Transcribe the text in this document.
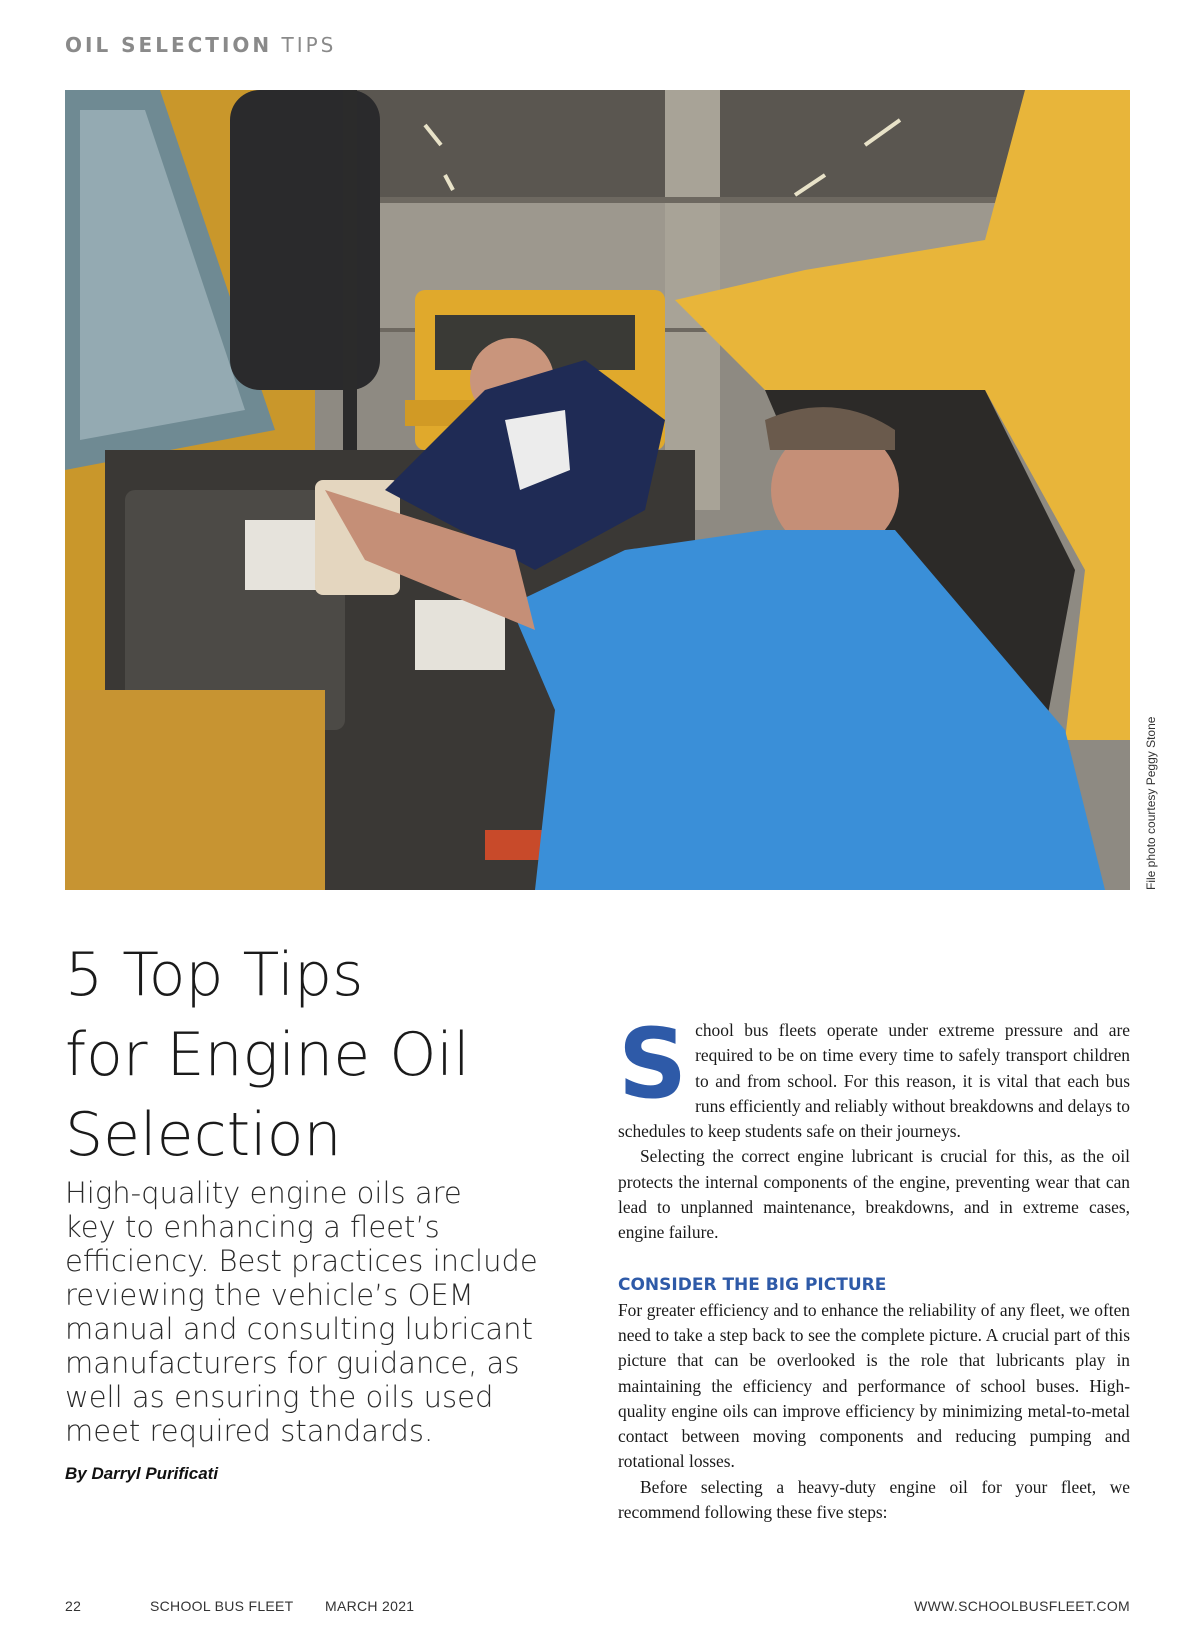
OIL SELECTION TIPS
File photo courtesy Peggy Stone
5 Top Tips
for Engine Oil
Selection

High-quality engine oils are
key to enhancing a fleet’s
efficiency. Best practices include
reviewing the vehicle’s OEM
manual and consulting lubricant
manufacturers for guidance, as
well as ensuring the oils used
meet required standards.

By Darryl Purificati

School bus fleets operate under extreme pressure and are required to be on time every time to safely transport children to and from school. For this reason, it is vital that each bus runs efficiently and reliably without breakdowns and delays to schedules to keep students safe on their journeys.

Selecting the correct engine lubricant is crucial for this, as the oil protects the internal components of the engine, preventing wear that can lead to unplanned maintenance, breakdowns, and in extreme cases, engine failure.

CONSIDER THE BIG PICTURE

For greater efficiency and to enhance the reliability of any fleet, we often need to take a step back to see the complete picture. A crucial part of this picture that can be overlooked is the role that lubricants play in maintaining the efficiency and performance of school buses. High-quality engine oils can improve efficiency by minimizing metal-to-metal contact between moving components and reducing pumping and rotational losses.

Before selecting a heavy-duty engine oil for your fleet, we recommend following these five steps:

22	SCHOOL BUS FLEET MARCH 2021	WWW.SCHOOLBUSFLEET.COM
